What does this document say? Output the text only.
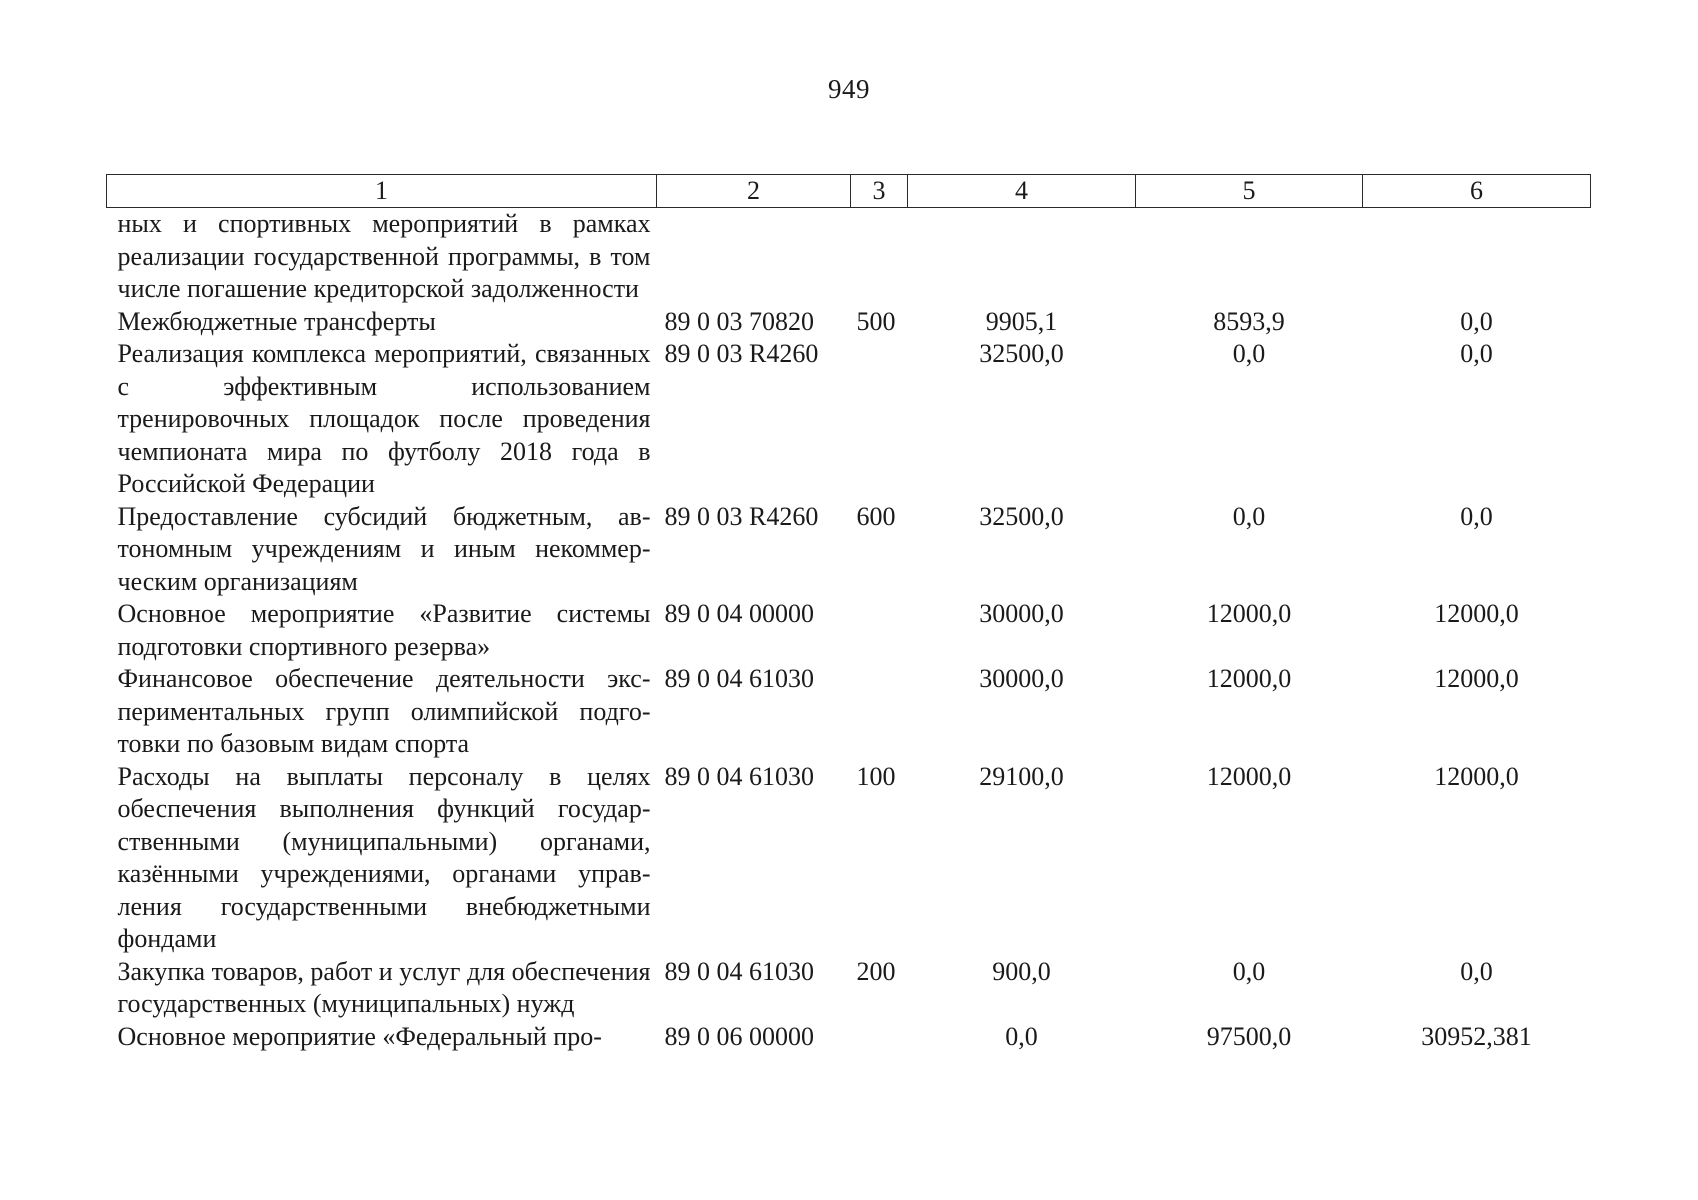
949
1	2	3	4	5	6
ных и спортивных мероприятий в рамках реализации государственной программы, в том числе погашение кредиторской задолженности					
Межбюджетные трансферты	89 0 03 70820	500	9905,1	8593,9	0,0
Реализация комплекса мероприятий, связанных с эффективным использованием тренировочных площадок после проведения чемпионата мира по футболу 2018 года в Российской Федерации	89 0 03 R4260		32500,0	0,0	0,0
Предоставление субсидий бюджетным, автономным учреждениям и иным некоммерческим организациям	89 0 03 R4260	600	32500,0	0,0	0,0
Основное мероприятие «Развитие системы подготовки спортивного резерва»	89 0 04 00000		30000,0	12000,0	12000,0
Финансовое обеспечение деятельности экспериментальных групп олимпийской подготовки по базовым видам спорта	89 0 04 61030		30000,0	12000,0	12000,0
Расходы на выплаты персоналу в целях обеспечения выполнения функций государственными (муниципальными) органами, казёнными учреждениями, органами управления государственными внебюджетными фондами	89 0 04 61030	100	29100,0	12000,0	12000,0
Закупка товаров, работ и услуг для обеспечения государственных (муниципальных) нужд	89 0 04 61030	200	900,0	0,0	0,0
Основное мероприятие «Федеральный про-	89 0 06 00000		0,0	97500,0	30952,381
